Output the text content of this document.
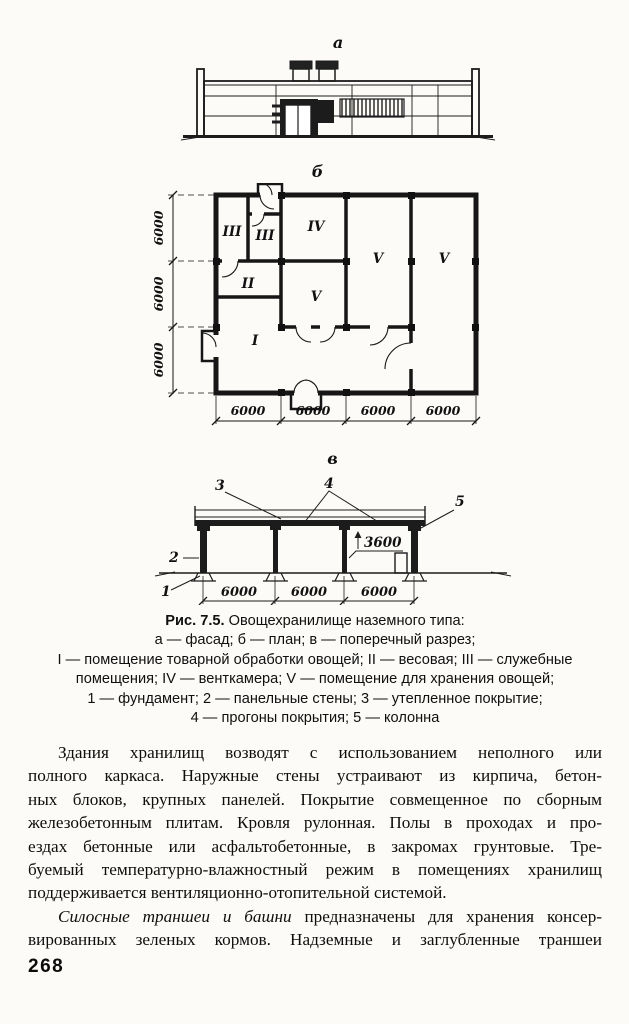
а
б
III III
IV
V	V
II
V
I
6000
6000
6000
6000 6000 6000 6000
в
3	4
5
2
1
3600
6000	6000	6000
Рис. 7.5. Овощехранилище наземного типа:
а — фасад; б — план; в — поперечный разрез;
I — помещение товарной обработки овощей; II — весовая; III — служебные
помещения; IV — венткамера; V — помещение для хранения овощей;
1 — фундамент; 2 — панельные стены; 3 — утепленное покрытие;
4 — прогоны покрытия; 5 — колонна
Здания хранилищ возводят с использованием неполного или
полного каркаса. Наружные стены устраивают из кирпича, бетон-
ных блоков, крупных панелей. Покрытие совмещенное по сборным
железобетонным плитам. Кровля рулонная. Полы в проходах и про-
ездах бетонные или асфальтобетонные, в закромах грунтовые. Тре-
буемый температурно-влажностный режим в помещениях хранилищ
поддерживается вентиляционно-отопительной системой.
Силосные траншеи и башни предназначены для хранения консер-
вированных зеленых кормов. Надземные и заглубленные траншеи
268
